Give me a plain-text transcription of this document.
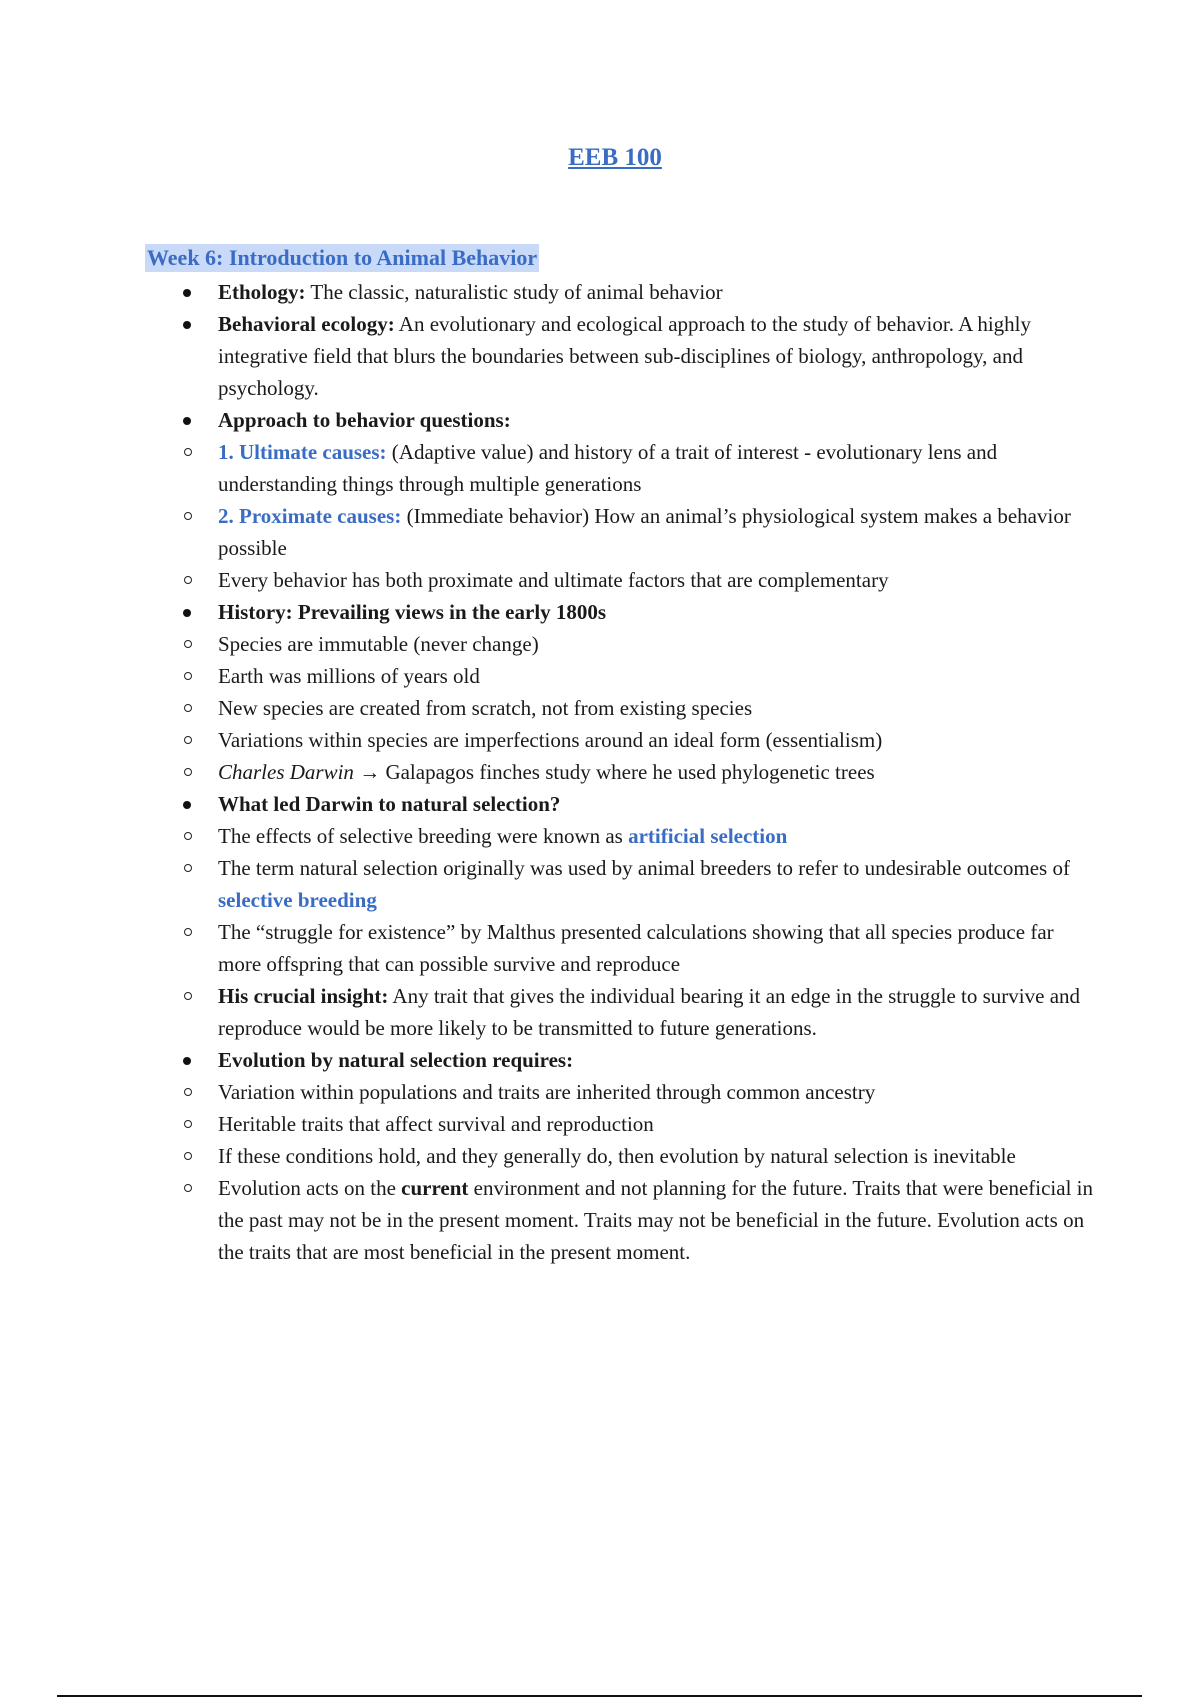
EEB 100
Week 6: Introduction to Animal Behavior
Ethology: The classic, naturalistic study of animal behavior
Behavioral ecology: An evolutionary and ecological approach to the study of behavior. A highly integrative field that blurs the boundaries between sub-disciplines of biology, anthropology, and psychology.
Approach to behavior questions:
1. Ultimate causes: (Adaptive value) and history of a trait of interest - evolutionary lens and understanding things through multiple generations
2. Proximate causes: (Immediate behavior) How an animal’s physiological system makes a behavior possible
Every behavior has both proximate and ultimate factors that are complementary
History: Prevailing views in the early 1800s
Species are immutable (never change)
Earth was millions of years old
New species are created from scratch, not from existing species
Variations within species are imperfections around an ideal form (essentialism)
Charles Darwin → Galapagos finches study where he used phylogenetic trees
What led Darwin to natural selection?
The effects of selective breeding were known as artificial selection
The term natural selection originally was used by animal breeders to refer to undesirable outcomes of selective breeding
The “struggle for existence” by Malthus presented calculations showing that all species produce far more offspring that can possible survive and reproduce
His crucial insight: Any trait that gives the individual bearing it an edge in the struggle to survive and reproduce would be more likely to be transmitted to future generations.
Evolution by natural selection requires:
Variation within populations and traits are inherited through common ancestry
Heritable traits that affect survival and reproduction
If these conditions hold, and they generally do, then evolution by natural selection is inevitable
Evolution acts on the current environment and not planning for the future. Traits that were beneficial in the past may not be in the present moment. Traits may not be beneficial in the future. Evolution acts on the traits that are most beneficial in the present moment.
